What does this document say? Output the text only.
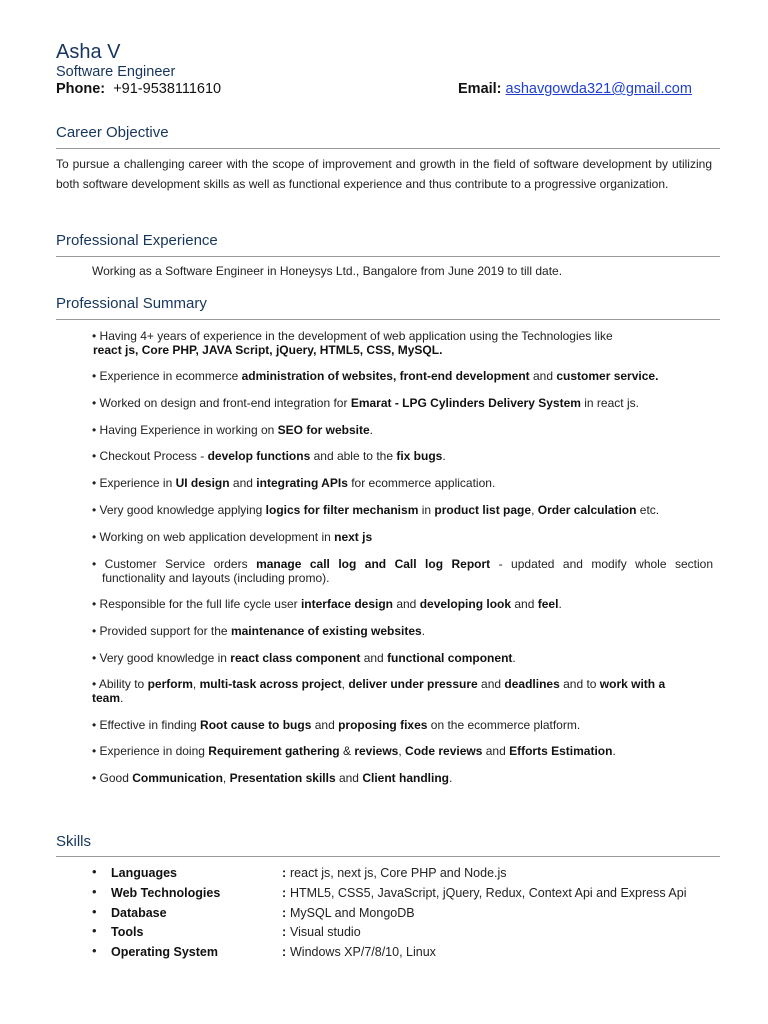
Asha V
Software Engineer
Phone: +91-9538111610	Email: ashavgowda321@gmail.com
Career Objective
To pursue a challenging career with the scope of improvement and growth in the field of software development by utilizing both software development skills as well as functional experience and thus contribute to a progressive organization.
Professional Experience
Working as a Software Engineer in Honeysys Ltd., Bangalore from June 2019 to till date.
Professional Summary
• Having 4+ years of experience in the development of web application using the Technologies like
react js, Core PHP, JAVA Script, jQuery, HTML5, CSS, MySQL.
• Experience in ecommerce administration of websites, front-end development and customer service.
• Worked on design and front-end integration for Emarat - LPG Cylinders Delivery System in react js.
• Having Experience in working on SEO for website.
• Checkout Process - develop functions and able to the fix bugs.
• Experience in UI design and integrating APIs for ecommerce application.
• Very good knowledge applying logics for filter mechanism in product list page, Order calculation etc.
• Working on web application development in next js
• Customer Service orders manage call log and Call log Report - updated and modify whole section
functionality and layouts (including promo).
• Responsible for the full life cycle user interface design and developing look and feel.
• Provided support for the maintenance of existing websites.
• Very good knowledge in react class component and functional component.
• Ability to perform, multi-task across project, deliver under pressure and deadlines and to work with a
team.
• Effective in finding Root cause to bugs and proposing fixes on the ecommerce platform.
• Experience in doing Requirement gathering & reviews, Code reviews and Efforts Estimation.
• Good Communication, Presentation skills and Client handling.
Skills
• Languages	: react js, next js, Core PHP and Node.js
• Web Technologies	: HTML5, CSS5, JavaScript, jQuery, Redux, Context Api and Express Api
• Database	: MySQL and MongoDB
• Tools	: Visual studio
• Operating System	: Windows XP/7/8/10, Linux
